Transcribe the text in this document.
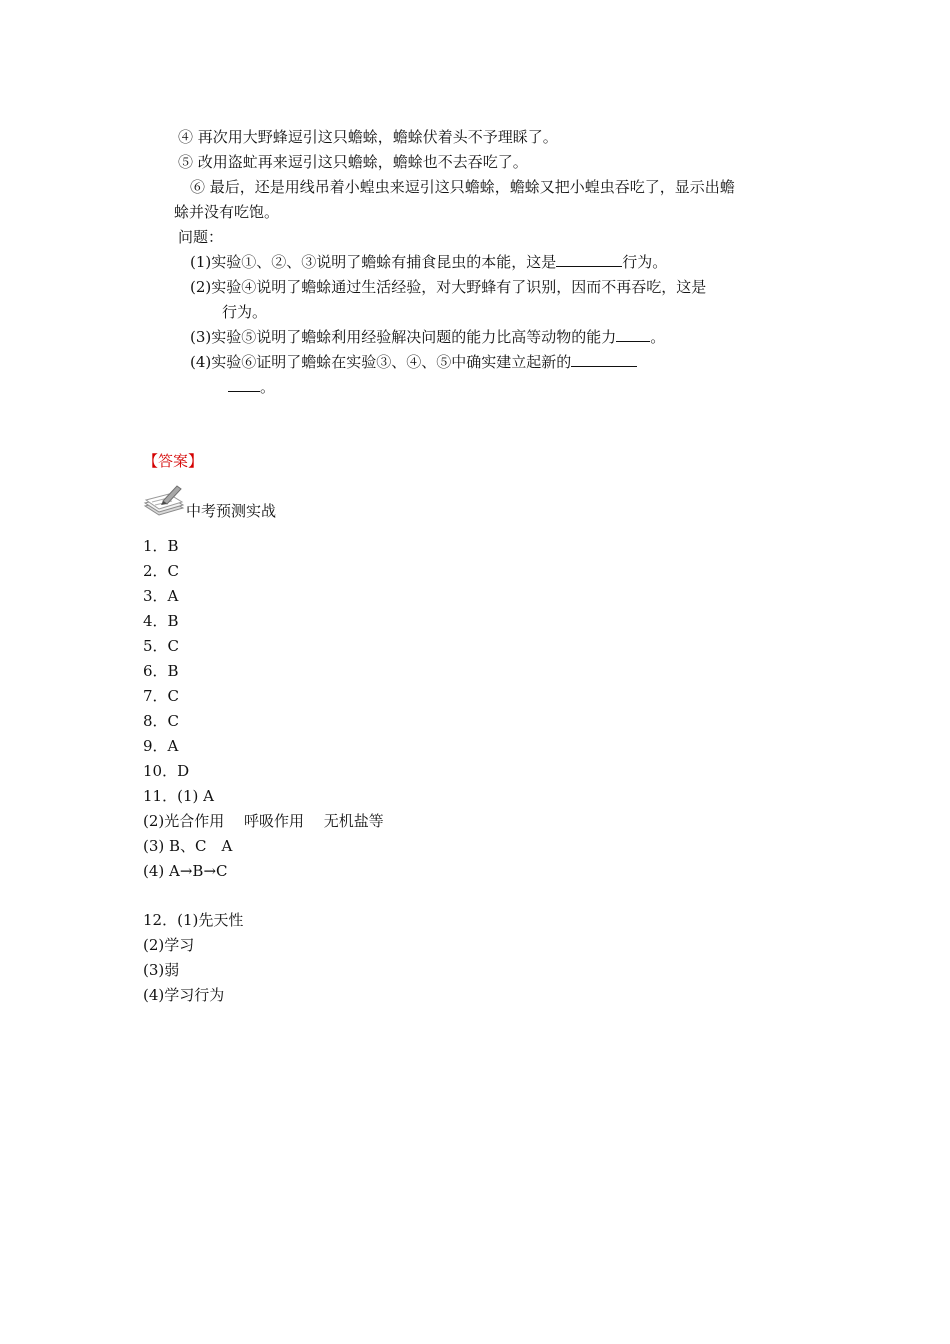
④ 再次用大野蜂逗引这只蟾蜍，蟾蜍伏着头不予理睬了。
⑤ 改用盗虻再来逗引这只蟾蜍，蟾蜍也不去吞吃了。
⑥ 最后，还是用线吊着小蝗虫来逗引这只蟾蜍，蟾蜍又把小蝗虫吞吃了，显示出蟾
蜍并没有吃饱。
问题：
(1)实验①、②、③说明了蟾蜍有捕食昆虫的本能，这是	行为。
(2)实验④说明了蟾蜍通过生活经验，对大野蜂有了识别，因而不再吞吃，这是
行为。
(3)实验⑤说明了蟾蜍利用经验解决问题的能力比高等动物的能力 。
(4)实验⑥证明了蟾蜍在实验③、④、⑤中确实建立起新的
。
【答案】
中考预测实战
1．B
2．C
3．A
4．B
5．C
6．B
7．C
8．C
9．A
10．D
11．(1) A
(2)光合作用　 呼吸作用　 无机盐等
(3) B、C　A
(4) A→B→C
12．(1)先天性
(2)学习
(3)弱
(4)学习行为
